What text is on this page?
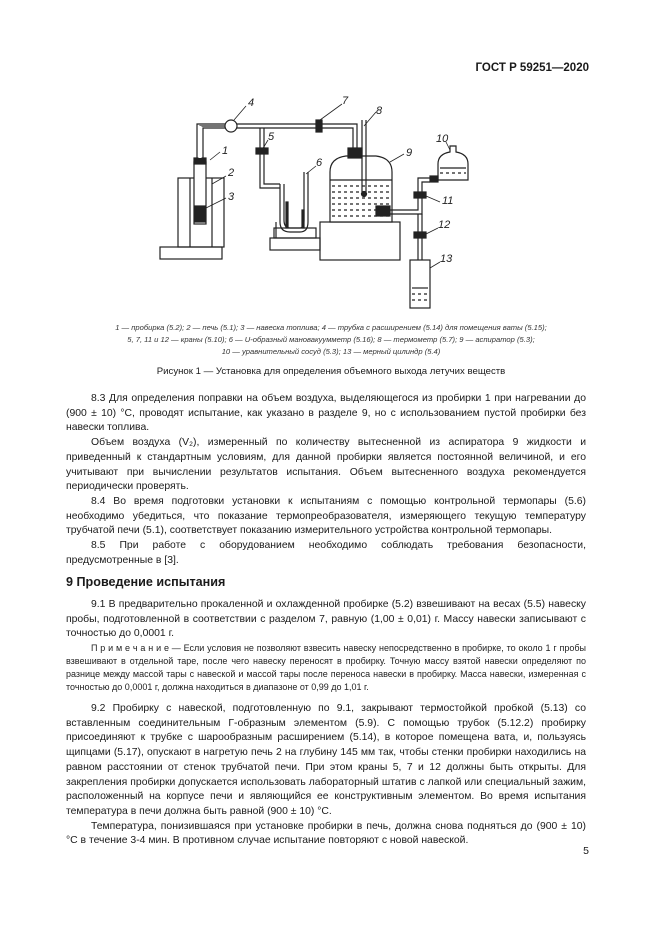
ГОСТ Р 59251—2020
1
2
3
4
5
6
7
8
9
10
11
12
13
1 — пробирка (5.2); 2 — печь (5.1); 3 — навеска топлива; 4 — трубка с расширением (5.14) для помещения ваты (5.15);
5, 7, 11 и 12 — краны (5.10); 6 — U-образный мановакуумметр (5.16); 8 — термометр (5.7); 9 — аспиратор (5.3);
10 — уравнительный сосуд (5.3); 13 — мерный цилиндр (5.4)
Рисунок 1 — Установка для определения объемного выхода летучих веществ

8.3 Для определения поправки на объем воздуха, выделяющегося из пробирки 1 при нагревании до (900 ± 10) °С, проводят испытание, как указано в разделе 9, но с использованием пустой пробирки без навески топлива.

Объем воздуха (V₂), измеренный по количеству вытесненной из аспиратора 9 жидкости и приведенный к стандартным условиям, для данной пробирки является постоянной величиной, и его учитывают при вычислении результатов испытания. Объем вытесненного воздуха рекомендуется периодически проверять.

8.4 Во время подготовки установки к испытаниям с помощью контрольной термопары (5.6) необходимо убедиться, что показание термопреобразователя, измеряющего текущую температуру трубчатой печи (5.1), соответствует показанию измерительного устройства контрольной термопары.

8.5 При работе с оборудованием необходимо соблюдать требования безопасности, предусмотренные в [3].

9 Проведение испытания

9.1 В предварительно прокаленной и охлажденной пробирке (5.2) взвешивают на весах (5.5) навеску пробы, подготовленной в соответствии с разделом 7, равную (1,00 ± 0,01) г. Массу навески записывают с точностью до 0,0001 г.

П р и м е ч а н и е — Если условия не позволяют взвесить навеску непосредственно в пробирке, то около 1 г пробы взвешивают в отдельной таре, после чего навеску переносят в пробирку. Точную массу взятой навески определяют по разнице между массой тары с навеской и массой тары после переноса навески в пробирку. Масса навески, измеренная с точностью до 0,0001 г, должна находиться в диапазоне от 0,99 до 1,01 г.

9.2 Пробирку с навеской, подготовленную по 9.1, закрывают термостойкой пробкой (5.13) со вставленным соединительным Г-образным элементом (5.9). С помощью трубок (5.12.2) пробирку присоединяют к трубке с шарообразным расширением (5.14), в которое помещена вата, и, пользуясь щипцами (5.17), опускают в нагретую печь 2 на глубину 145 мм так, чтобы стенки пробирки находились на равном расстоянии от стенок трубчатой печи. При этом краны 5, 7 и 12 должны быть открыты. Для закрепления пробирки допускается использовать лабораторный штатив с лапкой или специальный зажим, расположенный на корпусе печи и являющийся ее конструктивным элементом. Во время испытания температура в печи должна быть равной (900 ± 10) °С.

Температура, понизившаяся при установке пробирки в печь, должна снова подняться до (900 ± 10) °С в течение 3-4 мин. В противном случае испытание повторяют с новой навеской.

5
